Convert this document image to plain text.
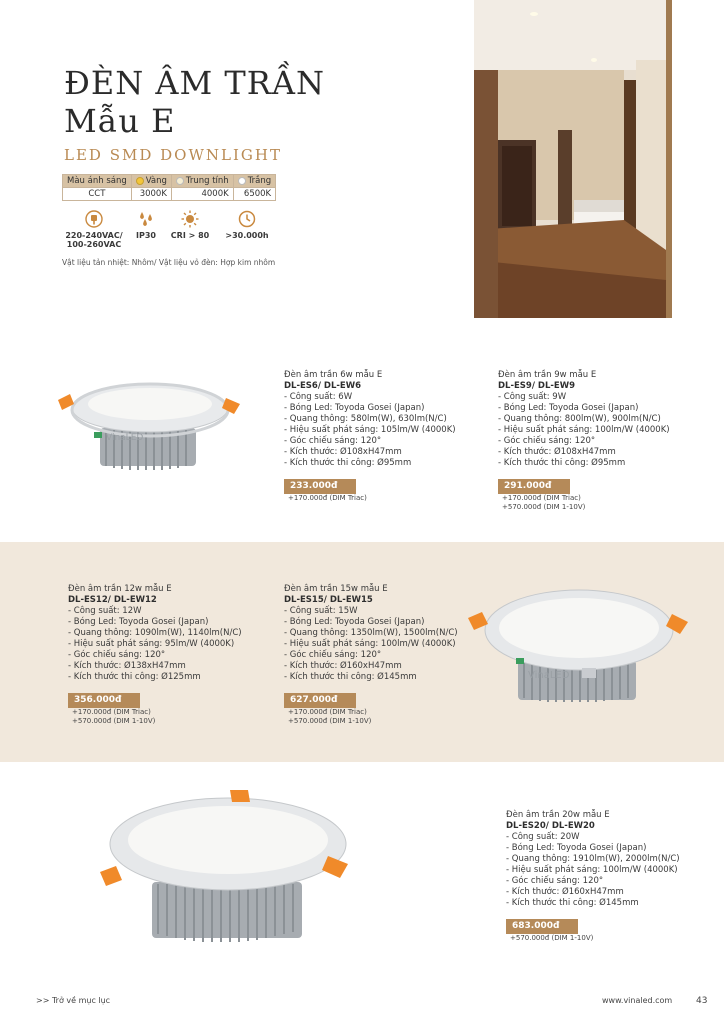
ĐÈN ÂM TRẦN
Mẫu E
LED SMD DOWNLIGHT
Màu ánh sáng	Vàng	Trung tính	Trắng
CCT	3000K	4000K	6500K
220-240VAC/
100-260VAC
IP30	CRI > 80	>30.000h
Vật liệu tản nhiệt: Nhôm/ Vật liệu vỏ đèn: Hợp kim nhôm
VinaLED
Đèn âm trần 6w mẫu E
DL-ES6/ DL-EW6
- Công suất: 6W
- Bóng Led: Toyoda Gosei (Japan)
- Quang thông: 580lm(W), 630lm(N/C)
- Hiệu suất phát sáng: 105lm/W (4000K)
- Góc chiếu sáng: 120°
- Kích thước: Ø108xH47mm
- Kích thước thi công: Ø95mm
233.000đ
+170.000đ (DIM Triac)
Đèn âm trần 9w mẫu E
DL-ES9/ DL-EW9
- Công suất: 9W
- Bóng Led: Toyoda Gosei (Japan)
- Quang thông: 800lm(W), 900lm(N/C)
- Hiệu suất phát sáng: 100lm/W (4000K)
- Góc chiếu sáng: 120°
- Kích thước: Ø108xH47mm
- Kích thước thi công: Ø95mm
291.000đ
+170.000đ (DIM Triac)
+570.000đ (DIM 1-10V)
Đèn âm trần 12w mẫu E
DL-ES12/ DL-EW12
- Công suất: 12W
- Bóng Led: Toyoda Gosei (Japan)
- Quang thông: 1090lm(W), 1140lm(N/C)
- Hiệu suất phát sáng: 95lm/W (4000K)
- Góc chiếu sáng: 120°
- Kích thước: Ø138xH47mm
- Kích thước thi công: Ø125mm
356.000đ
+170.000đ (DIM Triac)
+570.000đ (DIM 1-10V)
Đèn âm trần 15w mẫu E
DL-ES15/ DL-EW15
- Công suất: 15W
- Bóng Led: Toyoda Gosei (Japan)
- Quang thông: 1350lm(W), 1500lm(N/C)
- Hiệu suất phát sáng: 100lm/W (4000K)
- Góc chiếu sáng: 120°
- Kích thước: Ø160xH47mm
- Kích thước thi công: Ø145mm
627.000đ
+170.000đ (DIM Triac)
+570.000đ (DIM 1-10V)
VinaLED
Đèn âm trần 20w mẫu E
DL-ES20/ DL-EW20
- Công suất: 20W
- Bóng Led: Toyoda Gosei (Japan)
- Quang thông: 1910lm(W), 2000lm(N/C)
- Hiệu suất phát sáng: 100lm/W (4000K)
- Góc chiếu sáng: 120°
- Kích thước: Ø160xH47mm
- Kích thước thi công: Ø145mm
683.000đ
+570.000đ (DIM 1-10V)
>> Trở về mục lục	www.vinaled.com	43
